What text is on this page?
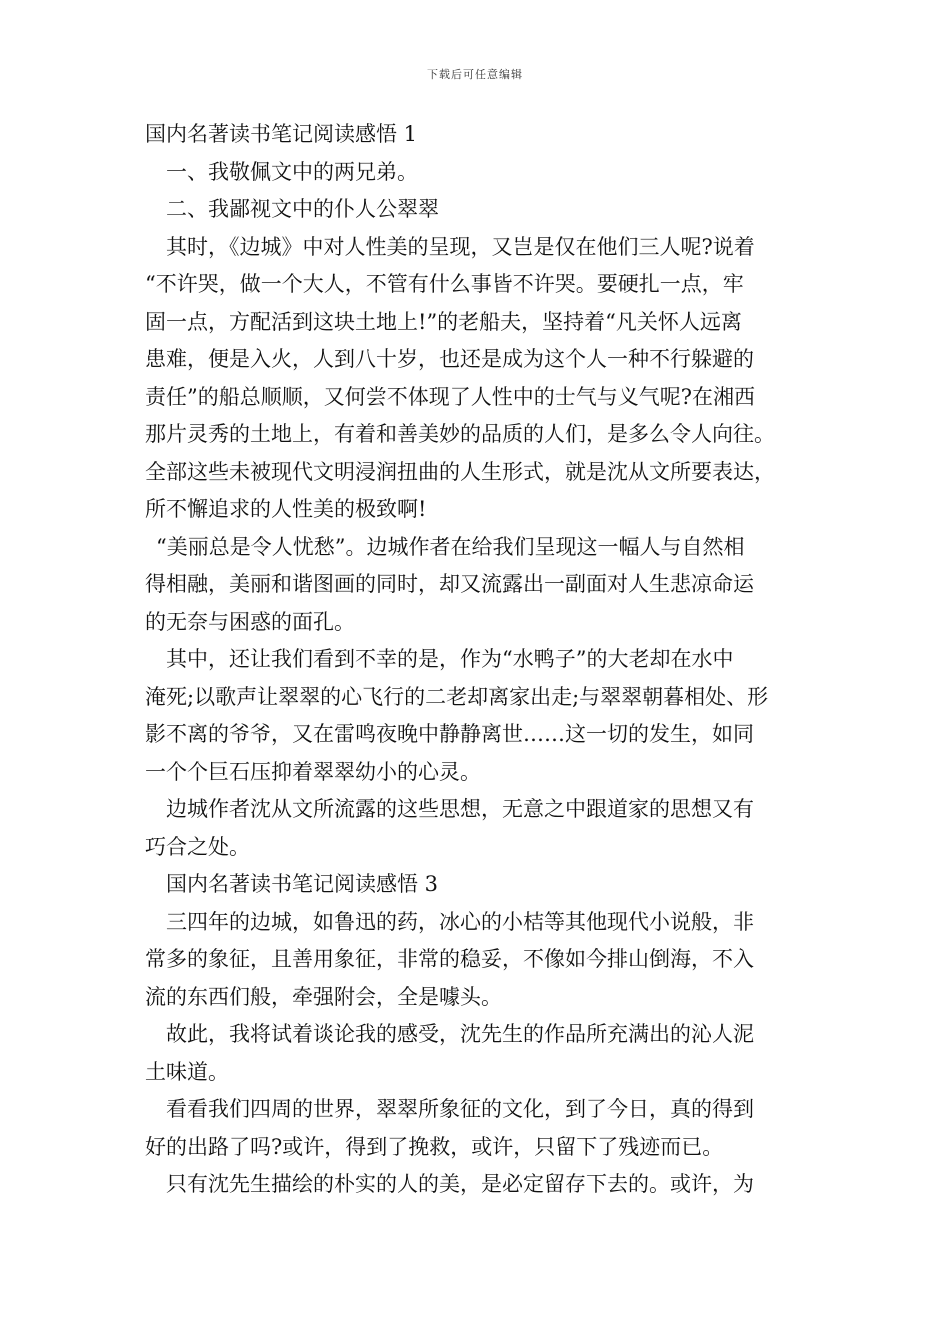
下载后可任意编辑
国内名著读书笔记阅读感悟 1
一、我敬佩文中的两兄弟。
二、我鄙视文中的仆人公翠翠
其时，《边城》中对人性美的呈现，又岂是仅在他们三人呢?说着
“不许哭，做一个大人，不管有什么事皆不许哭。要硬扎一点，牢
固一点，方配活到这块土地上!”的老船夫，坚持着“凡关怀人远离
患难，便是入火，人到八十岁，也还是成为这个人一种不行躲避的
责任”的船总顺顺，又何尝不体现了人性中的士气与义气呢?在湘西
那片灵秀的土地上，有着和善美妙的品质的人们，是多么令人向往。
全部这些未被现代文明浸润扭曲的人生形式，就是沈从文所要表达，
所不懈追求的人性美的极致啊!
“美丽总是令人忧愁”。边城作者在给我们呈现这一幅人与自然相
得相融，美丽和谐图画的同时，却又流露出一副面对人生悲凉命运
的无奈与困惑的面孔。
其中，还让我们看到不幸的是，作为“水鸭子”的大老却在水中
淹死;以歌声让翠翠的心飞行的二老却离家出走;与翠翠朝暮相处、形
影不离的爷爷，又在雷鸣夜晚中静静离世……这一切的发生，如同
一个个巨石压抑着翠翠幼小的心灵。
边城作者沈从文所流露的这些思想，无意之中跟道家的思想又有
巧合之处。
国内名著读书笔记阅读感悟 3
三四年的边城，如鲁迅的药，冰心的小桔等其他现代小说般，非
常多的象征，且善用象征，非常的稳妥，不像如今排山倒海，不入
流的东西们般，牵强附会，全是噱头。
故此，我将试着谈论我的感受，沈先生的作品所充满出的沁人泥
土味道。
看看我们四周的世界，翠翠所象征的文化，到了今日，真的得到
好的出路了吗?或许，得到了挽救，或许，只留下了残迹而已。
只有沈先生描绘的朴实的人的美，是必定留存下去的。或许，为
